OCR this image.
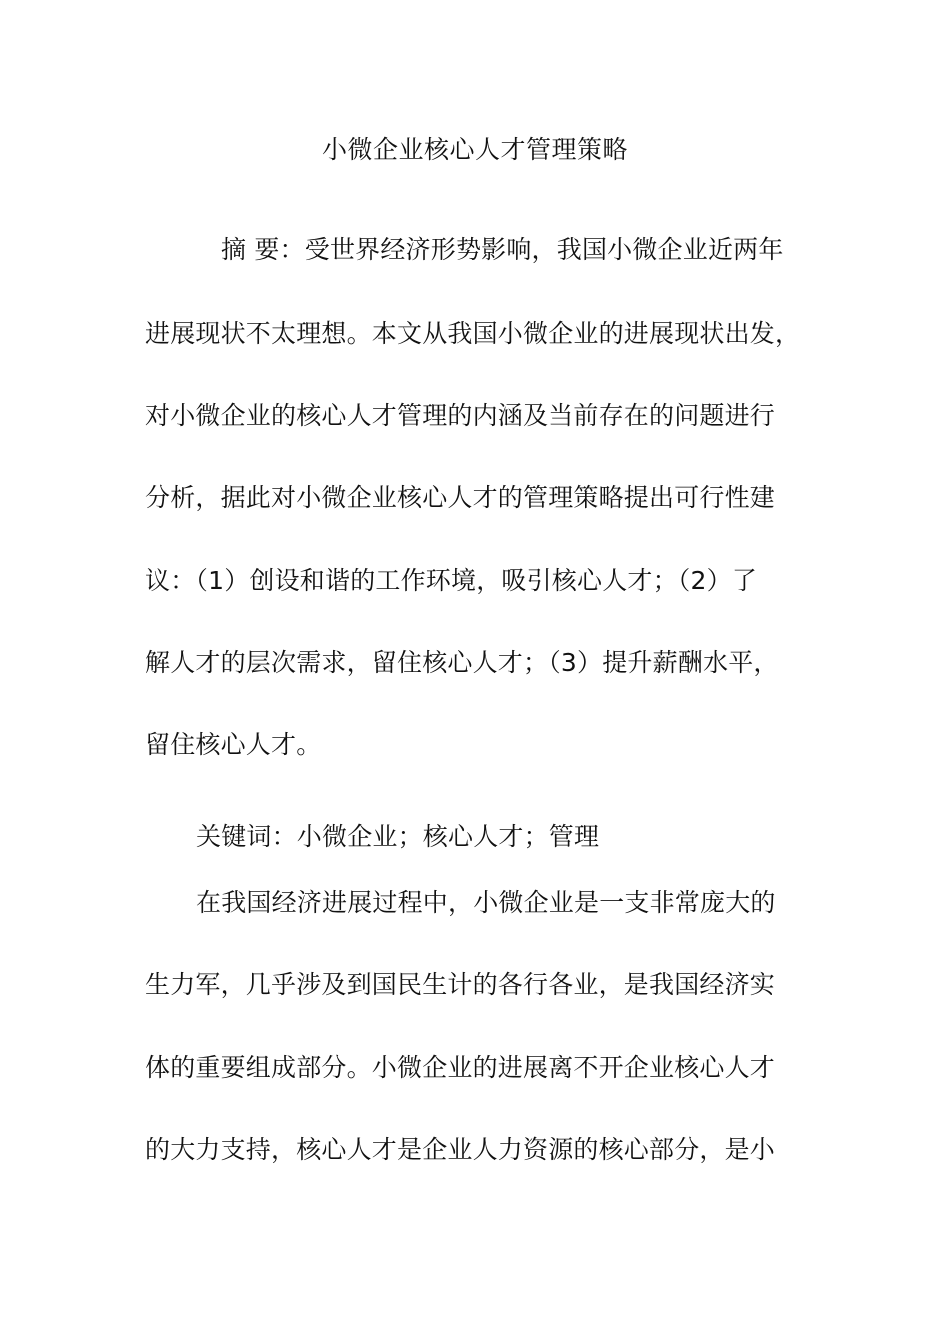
小微企业核心人才管理策略
摘 要：受世界经济形势影响，我国小微企业近两年
进展现状不太理想。本文从我国小微企业的进展现状出发，
对小微企业的核心人才管理的内涵及当前存在的问题进行
分析，据此对小微企业核心人才的管理策略提出可行性建
议：（1）创设和谐的工作环境，吸引核心人才；（2）了
解人才的层次需求，留住核心人才；（3）提升薪酬水平，
留住核心人才。
关键词：小微企业；核心人才；管理
在我国经济进展过程中，小微企业是一支非常庞大的
生力军，几乎涉及到国民生计的各行各业，是我国经济实
体的重要组成部分。小微企业的进展离不开企业核心人才
的大力支持，核心人才是企业人力资源的核心部分，是小
